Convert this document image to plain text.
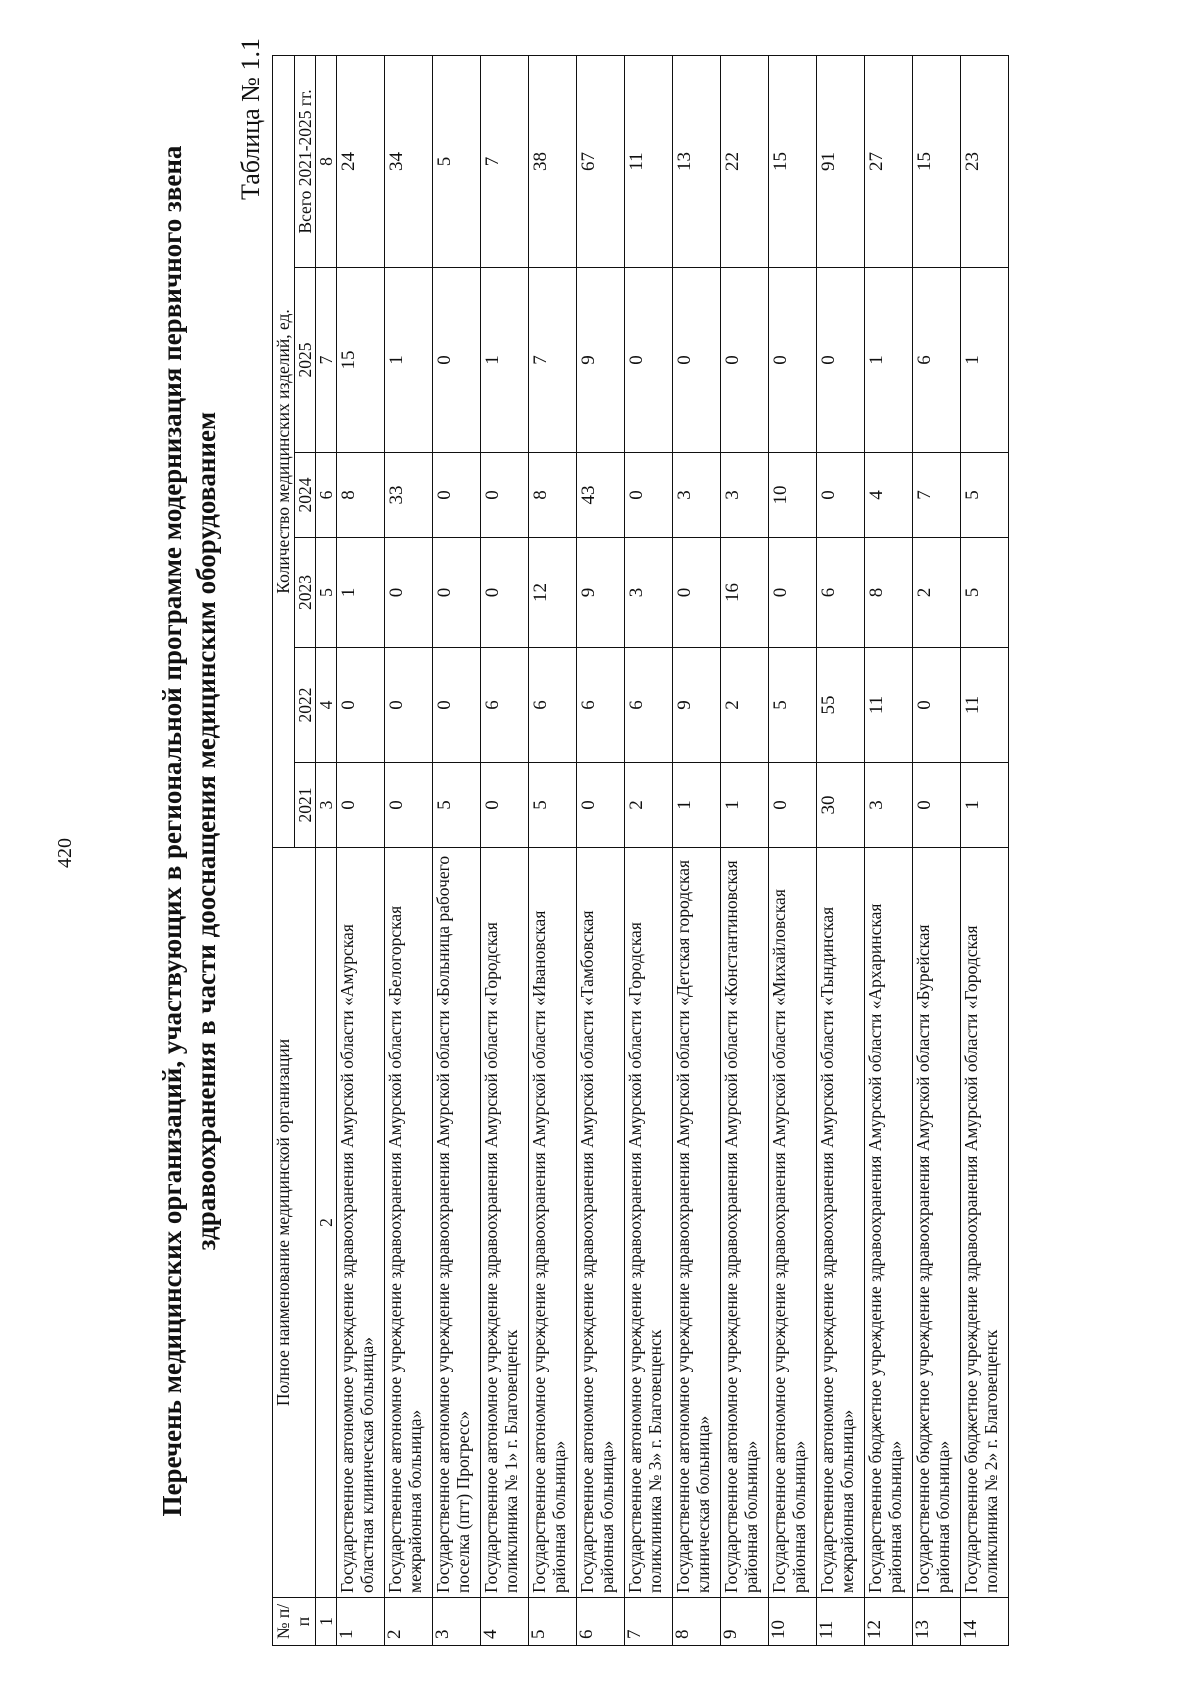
420	Перечень медицинских организаций, участвующих в региональной программе модернизация первичного звена здравоохранения в части дооснащения медицинским оборудованием
Таблица № 1.1
№ п/п	Полное наименование медицинской организации	Количество медицинских изделий, ед.					
		2021	2022	2023	2024	2025	Всего 2021-2025 гг.
1	2	3	4	5	6	7	8
1	Государственное автономное учреждение здравоохранения Амурской области «Амурская областная клиническая больница»	0	0	1	8	15	24
2	Государственное автономное учреждение здравоохранения Амурской области «Белогорская межрайонная больница»	0	0	0	33	1	34
3	Государственное автономное учреждение здравоохранения Амурской области «Больница рабочего поселка (пгт) Прогресс»	5	0	0	0	0	5
4	Государственное автономное учреждение здравоохранения Амурской области «Городская поликлиника № 1» г. Благовещенск	0	6	0	0	1	7
5	Государственное автономное учреждение здравоохранения Амурской области «Ивановская районная больница»	5	6	12	8	7	38
6	Государственное автономное учреждение здравоохранения Амурской области «Тамбовская районная больница»	0	6	9	43	9	67
7	Государственное автономное учреждение здравоохранения Амурской области «Городская поликлиника № 3» г. Благовещенск	2	6	3	0	0	11
8	Государственное автономное учреждение здравоохранения Амурской области «Детская городская клиническая больница»	1	9	0	3	0	13
9	Государственное автономное учреждение здравоохранения Амурской области «Константиновская районная больница»	1	2	16	3	0	22
10	Государственное автономное учреждение здравоохранения Амурской области «Михайловская районная больница»	0	5	0	10	0	15
11	Государственное автономное учреждение здравоохранения Амурской области «Тындинская межрайонная больница»	30	55	6	0	0	91
12	Государственное бюджетное учреждение здравоохранения Амурской области «Архаринская районная больница»	3	11	8	4	1	27
13	Государственное бюджетное учреждение здравоохранения Амурской области «Бурейская районная больница»	0	0	2	7	6	15
14	Государственное бюджетное учреждение здравоохранения Амурской области «Городская поликлиника № 2» г. Благовещенск	1	11	5	5	1	23
